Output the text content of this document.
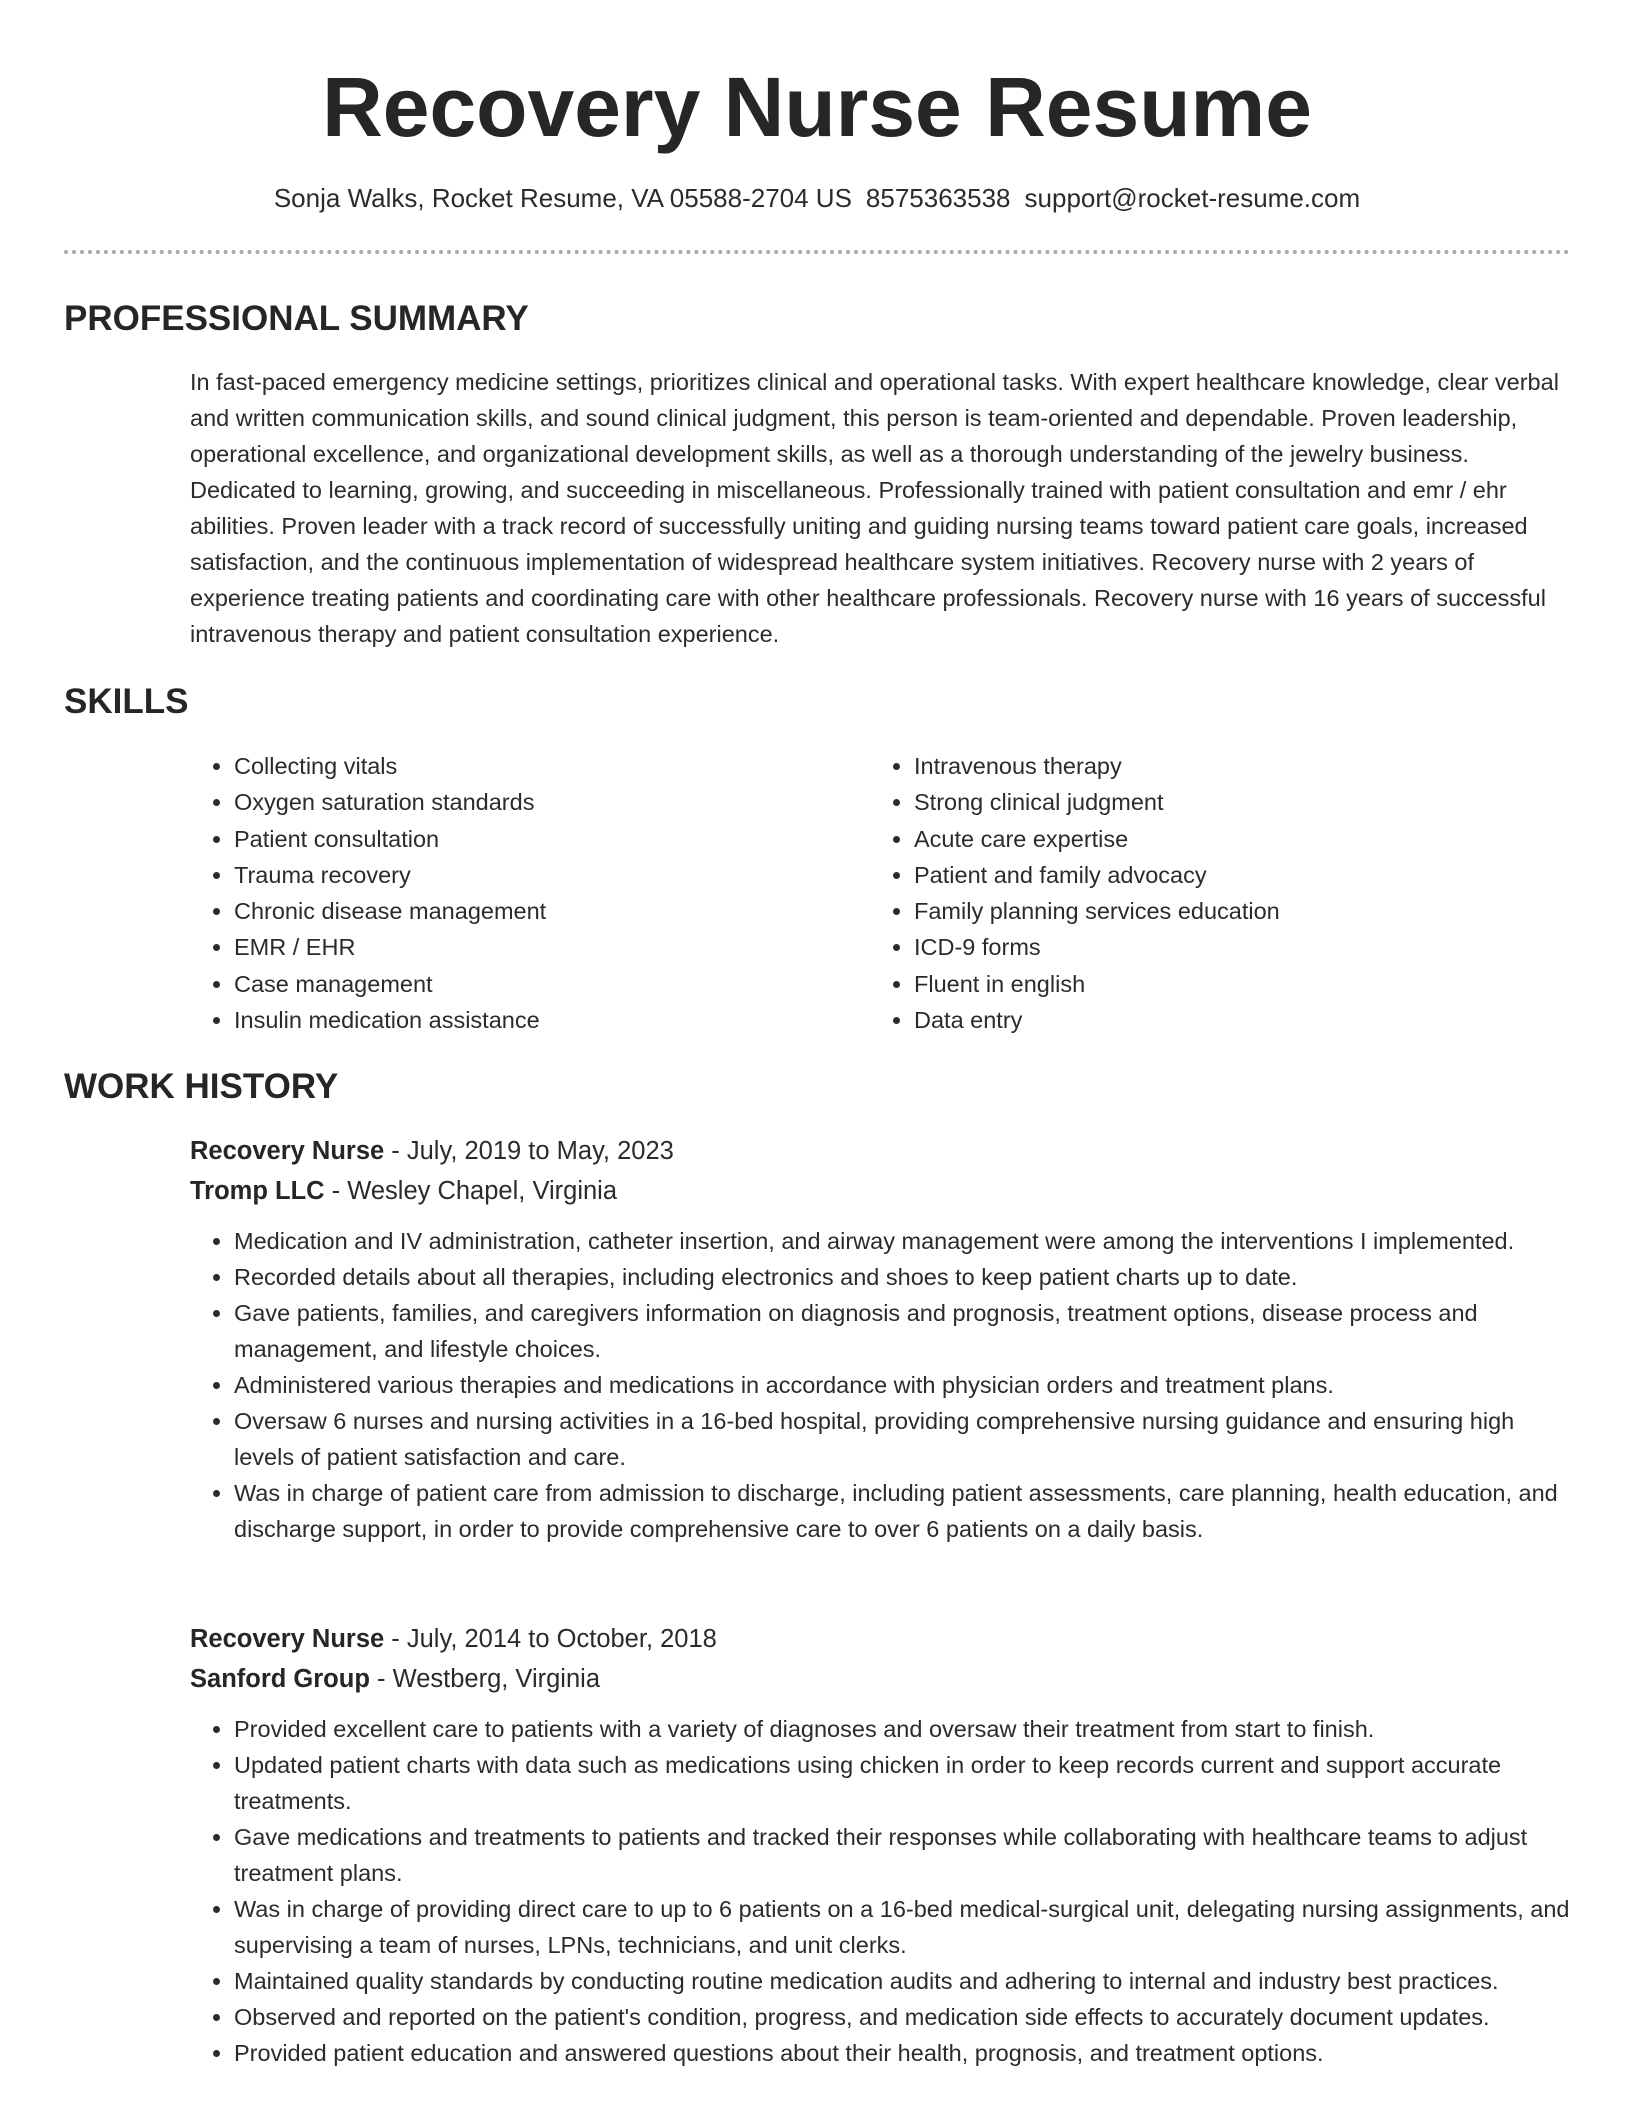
Recovery Nurse Resume
Sonja Walks, Rocket Resume, VA 05588-2704 US 8575363538 support@rocket-resume.com
PROFESSIONAL SUMMARY

In fast-paced emergency medicine settings, prioritizes clinical and operational tasks. With expert healthcare knowledge, clear verbal and written communication skills, and sound clinical judgment, this person is team-oriented and dependable. Proven leadership, operational excellence, and organizational development skills, as well as a thorough understanding of the jewelry business. Dedicated to learning, growing, and succeeding in miscellaneous. Professionally trained with patient consultation and emr / ehr abilities. Proven leader with a track record of successfully uniting and guiding nursing teams toward patient care goals, increased satisfaction, and the continuous implementation of widespread healthcare system initiatives. Recovery nurse with 2 years of experience treating patients and coordinating care with other healthcare professionals. Recovery nurse with 16 years of successful intravenous therapy and patient consultation experience.

SKILLS
• Collecting vitals
• Oxygen saturation standards
• Patient consultation
• Trauma recovery
• Chronic disease management
• EMR / EHR
• Case management
• Insulin medication assistance
• Intravenous therapy
• Strong clinical judgment
• Acute care expertise
• Patient and family advocacy
• Family planning services education
• ICD-9 forms
• Fluent in english
• Data entry
WORK HISTORY
Recovery Nurse - July, 2019 to May, 2023
Tromp LLC - Wesley Chapel, Virginia
• Medication and IV administration, catheter insertion, and airway management were among the interventions I implemented.
• Recorded details about all therapies, including electronics and shoes to keep patient charts up to date.
• Gave patients, families, and caregivers information on diagnosis and prognosis, treatment options, disease process and management, and lifestyle choices.
• Administered various therapies and medications in accordance with physician orders and treatment plans.
• Oversaw 6 nurses and nursing activities in a 16-bed hospital, providing comprehensive nursing guidance and ensuring high levels of patient satisfaction and care.
• Was in charge of patient care from admission to discharge, including patient assessments, care planning, health education, and discharge support, in order to provide comprehensive care to over 6 patients on a daily basis.
Recovery Nurse - July, 2014 to October, 2018
Sanford Group - Westberg, Virginia
• Provided excellent care to patients with a variety of diagnoses and oversaw their treatment from start to finish.
• Updated patient charts with data such as medications using chicken in order to keep records current and support accurate treatments.
• Gave medications and treatments to patients and tracked their responses while collaborating with healthcare teams to adjust treatment plans.
• Was in charge of providing direct care to up to 6 patients on a 16-bed medical-surgical unit, delegating nursing assignments, and supervising a team of nurses, LPNs, technicians, and unit clerks.
• Maintained quality standards by conducting routine medication audits and adhering to internal and industry best practices.
• Observed and reported on the patient's condition, progress, and medication side effects to accurately document updates.
• Provided patient education and answered questions about their health, prognosis, and treatment options.
